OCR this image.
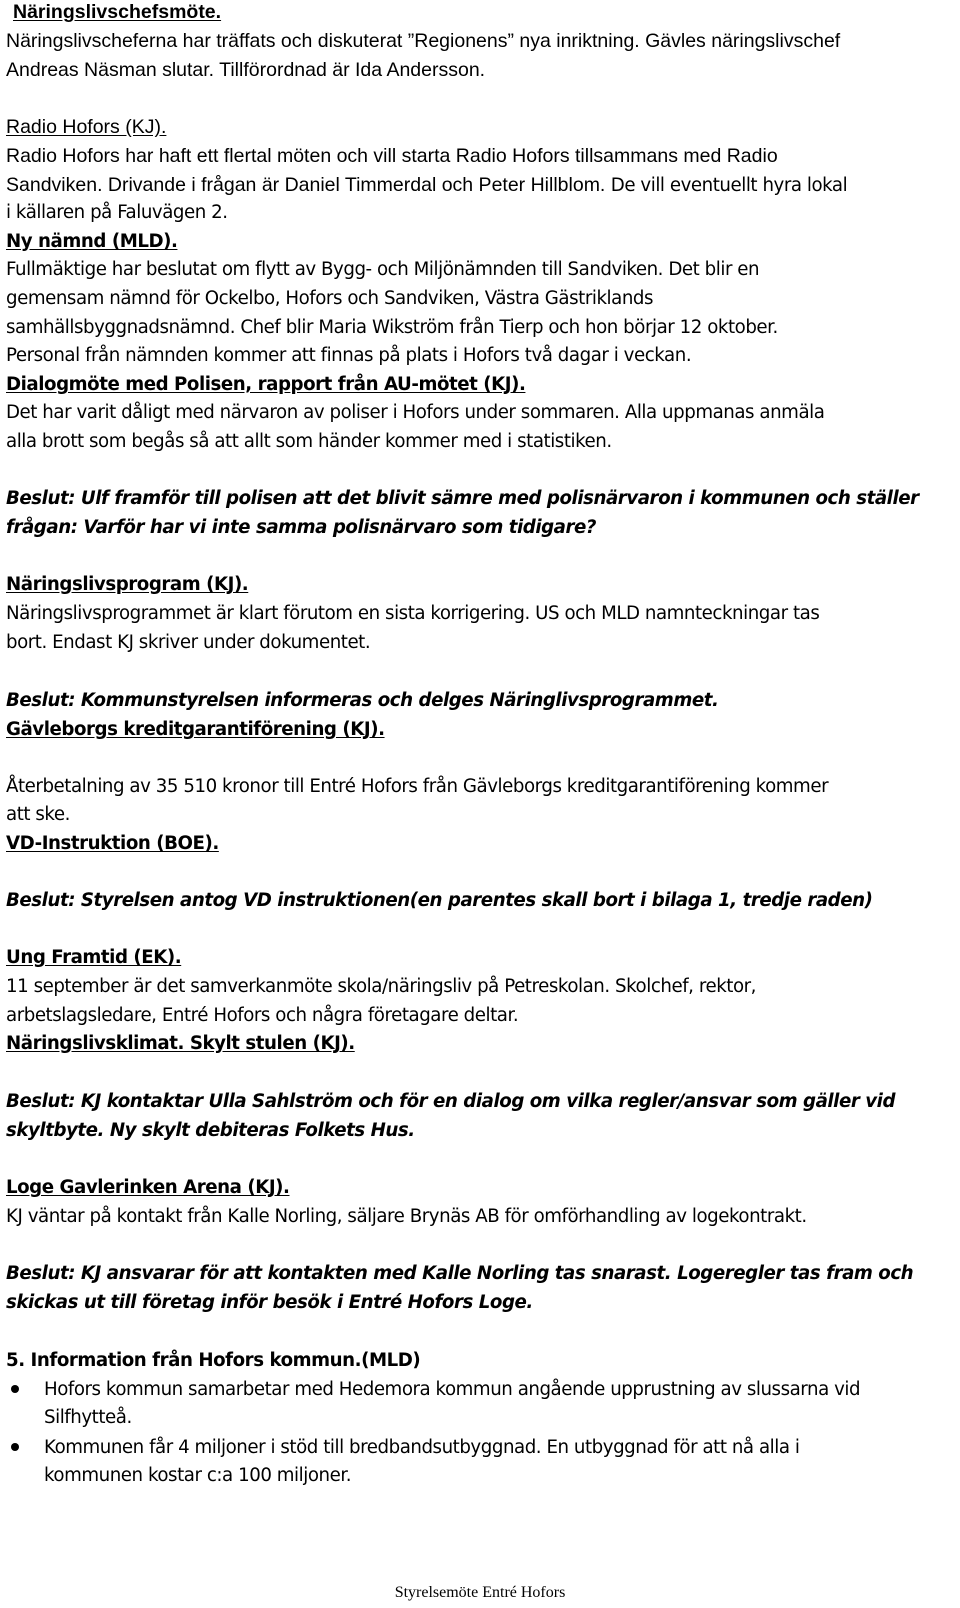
Näringslivschefsmöte.
Näringslivscheferna har träffats och diskuterat ”Regionens” nya inriktning. Gävles näringslivschef
Andreas Näsman slutar. Tillförordnad är Ida Andersson.
Radio Hofors (KJ).
Radio Hofors har haft ett flertal möten och vill starta Radio Hofors tillsammans med Radio
Sandviken. Drivande i frågan är Daniel Timmerdal och Peter Hillblom. De vill eventuellt hyra lokal
i källaren på Faluvägen 2.
Ny nämnd (MLD).
Fullmäktige har beslutat om flytt av Bygg- och Miljönämnden till Sandviken. Det blir en
gemensam nämnd för Ockelbo, Hofors och Sandviken, Västra Gästriklands
samhällsbyggnadsnämnd. Chef blir Maria Wikström från Tierp och hon börjar 12 oktober.
Personal från nämnden kommer att finnas på plats i Hofors två dagar i veckan.
Dialogmöte med Polisen, rapport från AU-mötet (KJ).
Det har varit dåligt med närvaron av poliser i Hofors under sommaren. Alla uppmanas anmäla
alla brott som begås så att allt som händer kommer med i statistiken.
Beslut: Ulf framför till polisen att det blivit sämre med polisnärvaron i kommunen och ställer
frågan: Varför har vi inte samma polisnärvaro som tidigare?
Näringslivsprogram (KJ).
Näringslivsprogrammet är klart förutom en sista korrigering. US och MLD namnteckningar tas
bort. Endast KJ skriver under dokumentet.
Beslut: Kommunstyrelsen informeras och delges Näringlivsprogrammet.
Gävleborgs kreditgarantiförening (KJ).
Återbetalning av 35 510 kronor till Entré Hofors från Gävleborgs kreditgarantiförening kommer
att ske.
VD-Instruktion (BOE).
Beslut: Styrelsen antog VD instruktionen(en parentes skall bort i bilaga 1, tredje raden)
Ung Framtid (EK).
11 september är det samverkanmöte skola/näringsliv på Petreskolan. Skolchef, rektor,
arbetslagsledare, Entré Hofors och några företagare deltar.
Näringslivsklimat. Skylt stulen (KJ).
Beslut: KJ kontaktar Ulla Sahlström och för en dialog om vilka regler/ansvar som gäller vid
skyltbyte. Ny skylt debiteras Folkets Hus.
Loge Gavlerinken Arena (KJ).
KJ väntar på kontakt från Kalle Norling, säljare Brynäs AB för omförhandling av logekontrakt.
Beslut: KJ ansvarar för att kontakten med Kalle Norling tas snarast. Logeregler tas fram och
skickas ut till företag inför besök i Entré Hofors Loge.
5. Information från Hofors kommun.(MLD)
Hofors kommun samarbetar med Hedemora kommun angående upprustning av slussarna vid
Silfhytteå.
Kommunen får 4 miljoner i stöd till bredbandsutbyggnad. En utbyggnad för att nå alla i
kommunen kostar c:a 100 miljoner.
Styrelsemöte Entré Hofors
